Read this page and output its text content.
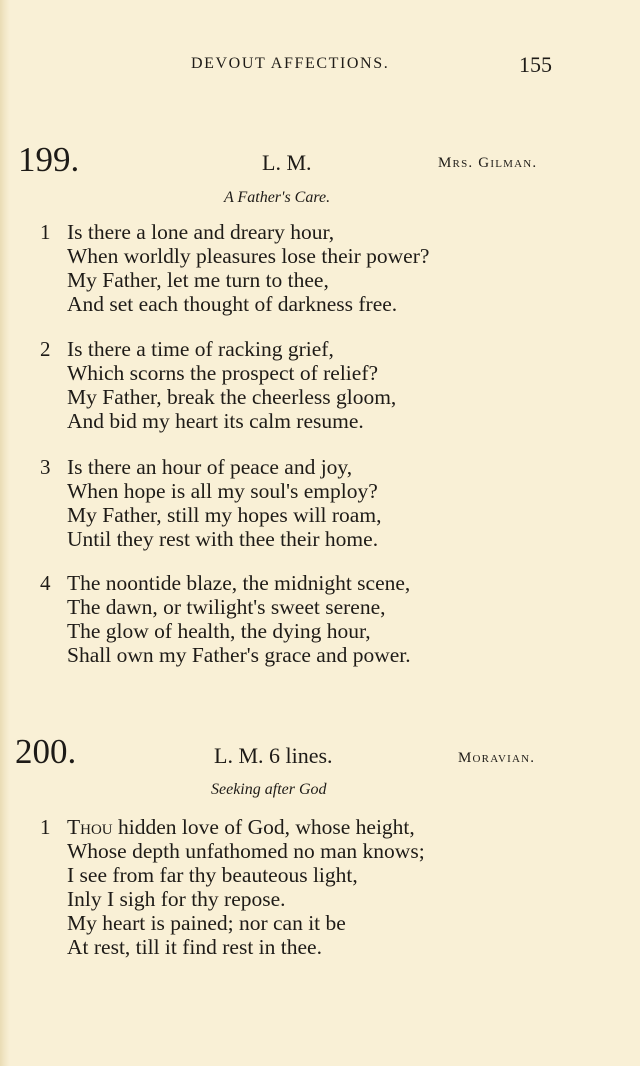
DEVOUT AFFECTIONS.	155
199.	L. M.	Mrs. Gilman.
A Father's Care.
1 Is there a lone and dreary hour,
When worldly pleasures lose their power?
My Father, let me turn to thee,
And set each thought of darkness free.
2 Is there a time of racking grief,
Which scorns the prospect of relief?
My Father, break the cheerless gloom,
And bid my heart its calm resume.
3 Is there an hour of peace and joy,
When hope is all my soul's employ?
My Father, still my hopes will roam,
Until they rest with thee their home.
4 The noontide blaze, the midnight scene,
The dawn, or twilight's sweet serene,
The glow of health, the dying hour,
Shall own my Father's grace and power.
200.	L. M. 6 lines.	Moravian.
Seeking after God
1 Thou hidden love of God, whose height,
Whose depth unfathomed no man knows;
I see from far thy beauteous light,
Inly I sigh for thy repose.
My heart is pained; nor can it be
At rest, till it find rest in thee.
